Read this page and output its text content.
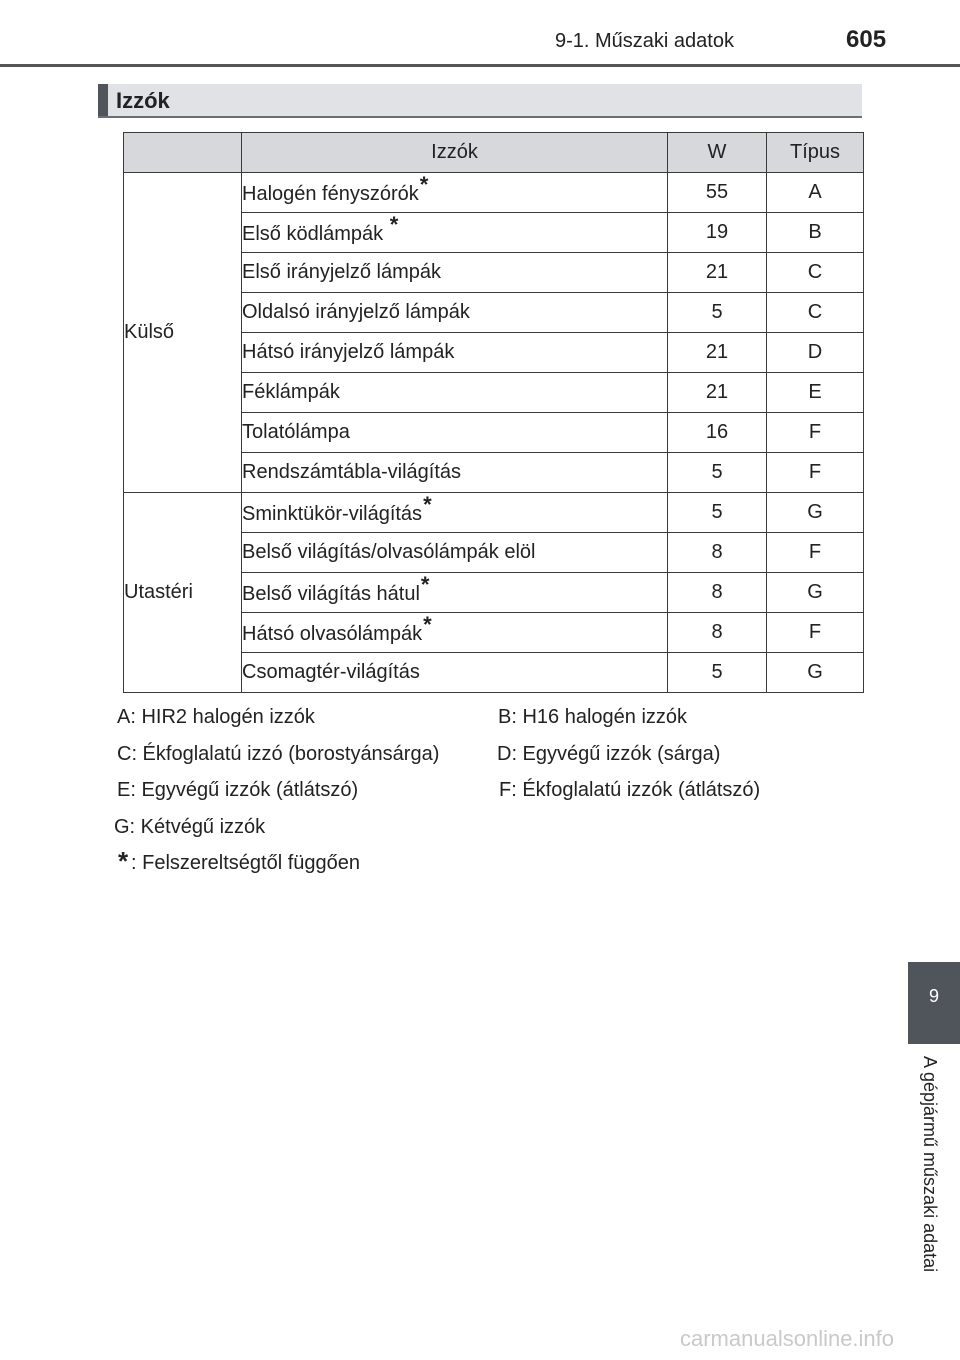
9-1. Műszaki adatok	605
Izzók
	Izzók	W	Típus
Külső	Halogén fényszórók*	55	A
	Első ködlámpák *	19	B
	Első irányjelző lámpák	21	C
	Oldalsó irányjelző lámpák	5	C
	Hátsó irányjelző lámpák	21	D
	Féklámpák	21	E
	Tolatólámpa	16	F
	Rendszámtábla-világítás	5	F
Utastéri	Sminktükör-világítás*	5	G
	Belső világítás/olvasólámpák elöl	8	F
	Belső világítás hátul*	8	G
	Hátsó olvasólámpák*	8	F
	Csomagtér-világítás	5	G
A: HIR2 halogén izzók	B: H16 halogén izzók
C: Ékfoglalatú izzó (borostyánsárga)	D: Egyvégű izzók (sárga)
E: Egyvégű izzók (átlátszó)	F: Ékfoglalatú izzók (átlátszó)
G: Kétvégű izzók
* : Felszereltségtől függően
9
A gépjármű műszaki adatai
carmanualsonline.info
